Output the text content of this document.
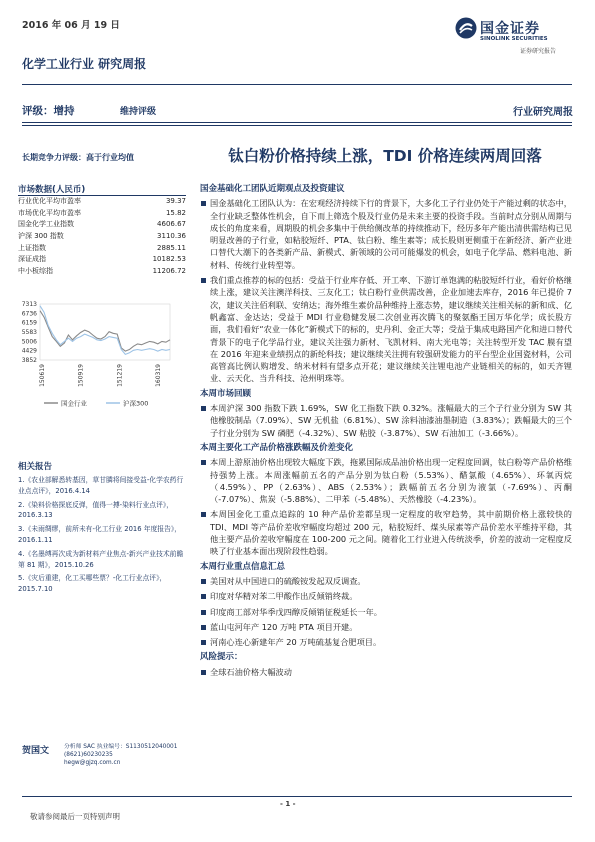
2016 年 06 月 19 日	国金证券
SINOLINK SECURITIES
证券研究报告
化学工业行业 研究周报
评级：增持	维持评级	行业研究周报
长期竞争力评级：高于行业均值	钛白粉价格持续上涨，TDI 价格连续两周回落
市场数据(人民币)
行业优化平均市盈率	39.37
市场优化平均市盈率	15.82
国金化学工业指数	4606.67
沪深 300 指数	3110.36
上证指数	2885.11
深证成指	10182.53
中小板综指	11206.72
7313
6736
6159
5583
5006
4429
3852
150619	150919	151219	160319
国金行业	沪深300
相关报告
1.《农业部解悉转基因，草甘膦将间接受益-化学农药行业点点评》，2016.4.14
2.《染料价格探底反弹，值得一搏-染料行业点评》，2016.3.13
3.《未雨绸缪，前所未有-化工行业 2016 年度报告》，2016.1.11
4.《名墨缚再次成为新材料产业焦点-新兴产业技术前瞻第 81 期》，2015.10.26
5.《灾后重建，化工买哪些票？-化工行业点评》，2015.7.10
贺国文	分析师 SAC 执业编号：S1130512040001
(8621)60230235
hegw@gjzq.com.cn
国金基础化工团队近期观点及投资建议

国金基础化工团队认为：在宏观经济持续下行的背景下，大多化工子行业仍处于产能过剩的状态中，全行业缺乏整体性机会，自下而上筛选个股及行业仍是未来主要的投资手段。当前时点分别从周期与成长的角度来看，周期股的机会多集中于供给侧改革的持续推动下，经历多年产能出清供需结构已见明显改善的子行业，如粘胶短纤、PTA、钛白粉、维生素等；成长股则更侧重于在新经济、新产业进口替代大潮下的各类新产品、新模式、新领域的公司可能爆发的机会，如电子化学品、燃料电池、新材料、传统行业转型等。

我们重点推荐的标的包括：受益于行业库存低、开工率、下游订单饱满的粘胶短纤行业，看好价格继续上涨，建议关注澳洋科技、三友化工；钛白粉行业供需改善，企业加速去库存，2016 年已提价 7 次，建议关注佰利联、安纳达；海外维生素价品种维持上涨态势，建议继续关注相关标的新和成、亿帆鑫富、金达达；受益于 MDI 行业稳健发展二次创业再次腾飞的聚氨酯王国万华化学；成长股方面，我们看好“农业一体化”新模式下的标的，史丹利、金正大等；受益于集成电路国产化和进口替代背景下的电子化学品行业，建议关注强力新材、飞凯材料、南大光电等；关注转型开发 TAC 膜有望在 2016 年迎来业绩拐点的新纶科技；建议继续关注拥有较强研发能力的平台型企业国瓷材料，公司高管高比例认购增发、纳米材料有望多点开花；建议继续关注锂电池产业链相关的标的，如天齐锂业、云天化、当升科技、沧州明珠等。

本周市场回顾

本周沪深 300 指数下跌 1.69%，SW 化工指数下跌 0.32%。涨幅最大的三个子行业分别为 SW 其他橡胶制品（7.09%）、SW 无机盐（6.81%）、SW 涂料油漆油墨制造（3.83%）；跌幅最大的三个子行业分别为 SW 磷肥（-4.32%）、SW 粘胶（-3.87%）、SW 石油加工（-3.66%）。

本周主要化工产品价格涨跌幅及价差变化

本周上游原油价格出现较大幅度下跌，拖累国际成品油价格出现一定程度回调，钛白粉等产品价格维持强势上涨。本周涨幅前五名的产品分别为钛白粉（5.53%）、醋氯酸（4.65%）、环氧丙烷（4.59%）、PP（2.63%）、ABS（2.53%）；跌幅前五名分别为液氯（-7.69%）、丙酮（-7.07%）、焦炭（-5.88%）、二甲苯（-5.48%）、天然橡胶（-4.23%）。

本周国金化工重点追踪的 10 种产品价差都呈现一定程度的收窄趋势，其中前期价格上涨较快的 TDI、MDI 等产品价差收窄幅度均超过 200 元，粘胶短纤、煤头尿素等产品价差水平维持平稳，其他主要产品价差收窄幅度在 100-200 元之间。随着化工行业进入传统淡季，价差的波动一定程度反映了行业基本面出现阶段性趋弱。

本周行业重点信息汇总

美国对从中国进口的硫酸铵发起双反调查。

印度对华精对苯二甲酸作出反倾销终裁。

印度商工部对华季戊四醇反倾销征税延长一年。

蓝山屯河年产 120 万吨 PTA 项目开建。

河南心连心新建年产 20 万吨硫基复合肥项目。

风险提示：

全球石油价格大幅波动

- 1 -
敬请参阅最后一页特别声明
